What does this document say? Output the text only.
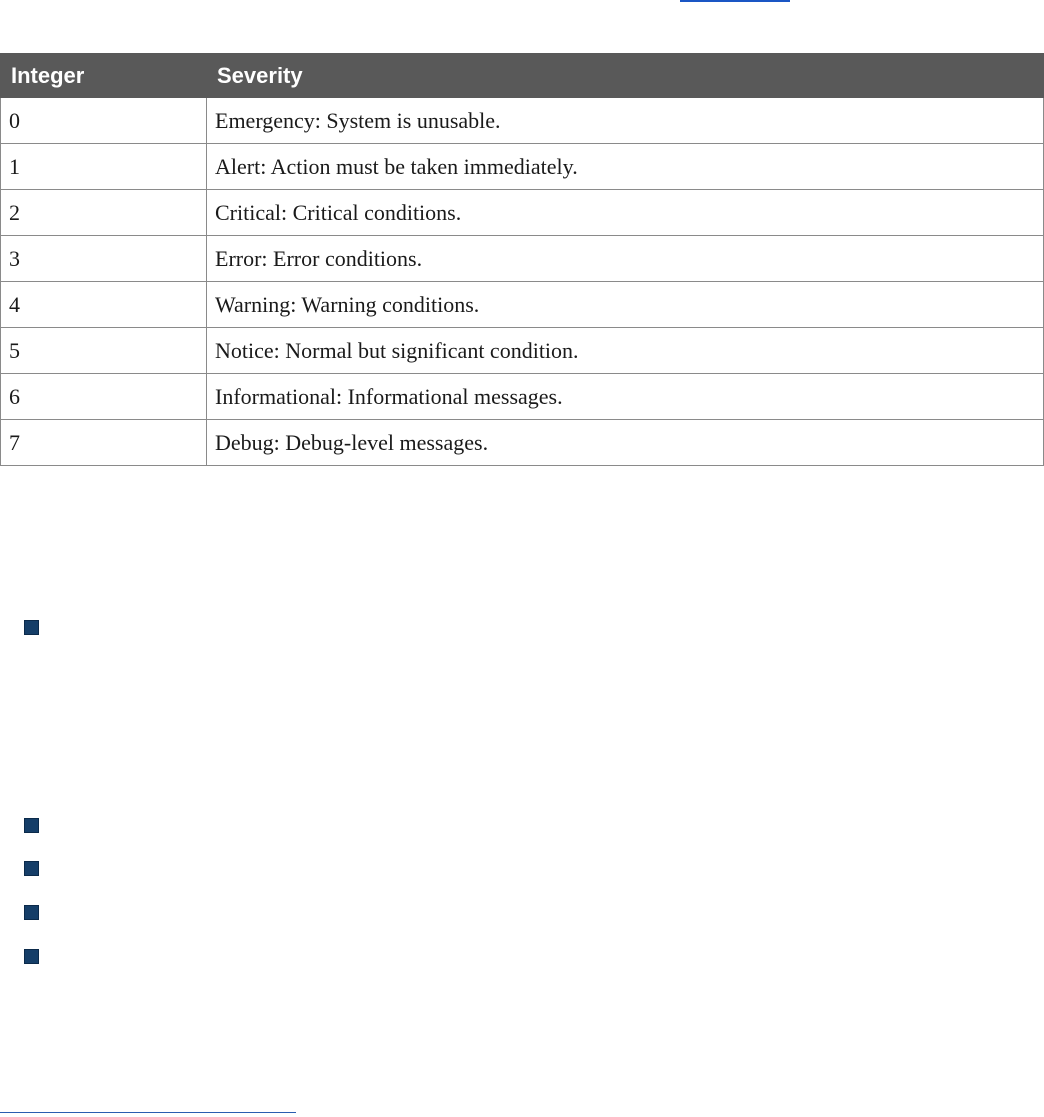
Integer	Severity
0	Emergency: System is unusable.
1	Alert: Action must be taken immediately.
2	Critical: Critical conditions.
3	Error: Error conditions.
4	Warning: Warning conditions.
5	Notice: Normal but significant condition.
6	Informational: Informational messages.
7	Debug: Debug-level messages.
